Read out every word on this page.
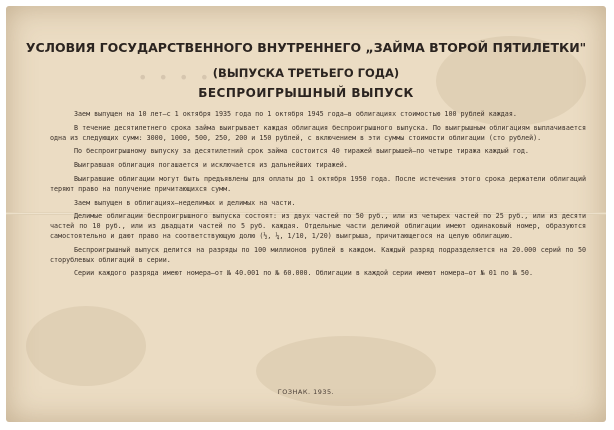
• • • • • • •
УСЛОВИЯ ГОСУДАРСТВЕННОГО ВНУТРЕННЕГО „ЗАЙМА ВТОРОЙ ПЯТИЛЕТКИ"
(ВЫПУСКА ТРЕТЬЕГО ГОДА)
БЕСПРОИГРЫШНЫЙ ВЫПУСК

Заем выпущен на 10 лет—с 1 октября 1935 года по 1 октября 1945 года—в облигациях стоимостью 100 рублей каждая.

В течение десятилетнего срока займа выигрывает каждая облигация беспроигрышного выпуска. По выигрышным облигациям выплачивается одна из следующих сумм: 3000, 1000, 500, 250, 200 и 150 рублей, с включением в эти суммы стоимости облигации (сто рублей).

По беспроигрышному выпуску за десятилетний срок займа состоится 40 тиражей выигрышей—по четыре тиража каждый год.

Выигравшая облигация погашается и исключается из дальнейших тиражей.

Выигравшие облигации могут быть предъявлены для оплаты до 1 октября 1950 года. После истечения этого срока держатели облигаций теряют право на получение причитающихся сумм.

Заем выпущен в облигациях—неделимых и делимых на части.

Делимые облигации беспроигрышного выпуска состоят: из двух частей по 50 руб., или из четырех частей по 25 руб., или из десяти частей по 10 руб., или из двадцати частей по 5 руб. каждая. Отдельные части делимой облигации имеют одинаковый номер, образуются самостоятельно и дают право на соответствующую долю (½, ¼, 1/10, 1/20) выигрыша, причитающегося на целую облигацию.

Беспроигрышный выпуск делится на разряды по 100 миллионов рублей в каждом. Каждый разряд подразделяется на 20.000 серий по 50 сторублевых облигаций в серии.

Серии каждого разряда имеют номера—от № 40.001 по № 60.000. Облигации в каждой серии имеют номера—от № 01 по № 50.

ГОЗНАК. 1935.
